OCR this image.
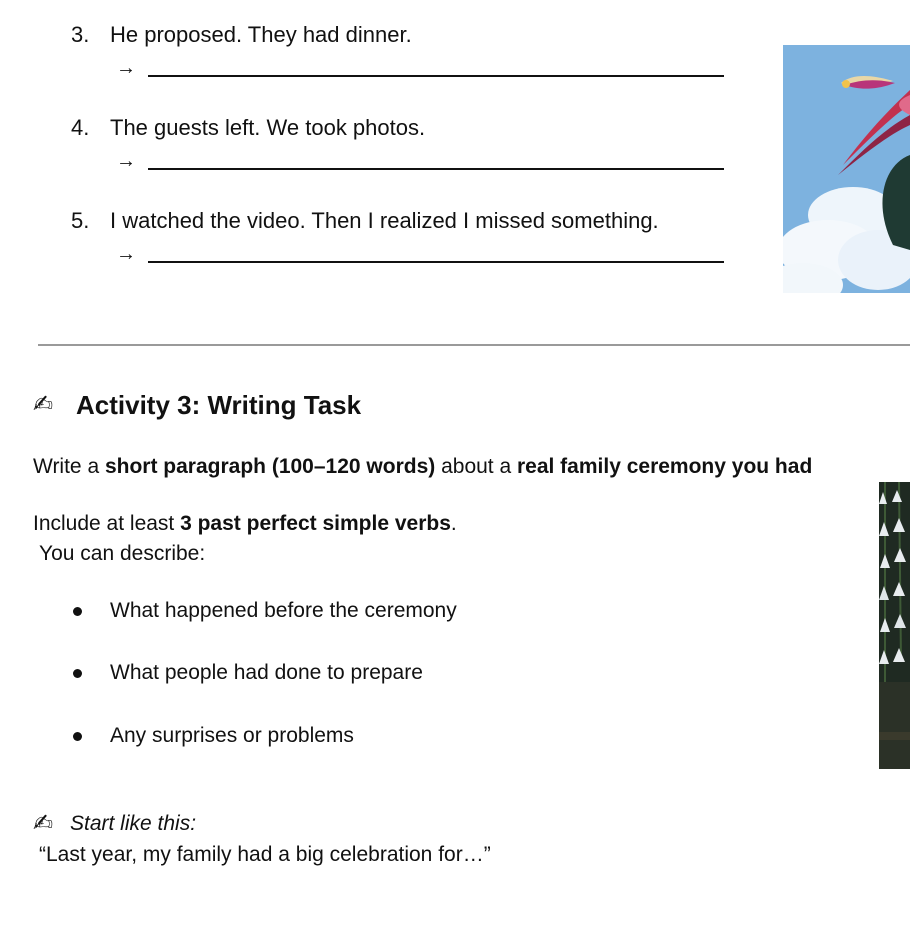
3. He proposed. They had dinner.
→
4. The guests left. We took photos.
→
5. I watched the video. Then I realized I missed something.
→
✍ Activity 3: Writing Task
Write a short paragraph (100–120 words) about a real family ceremony you had
Include at least 3 past perfect simple verbs.
You can describe:
What happened before the ceremony
What people had done to prepare
Any surprises or problems
✍ Start like this:
“Last year, my family had a big celebration for…”
